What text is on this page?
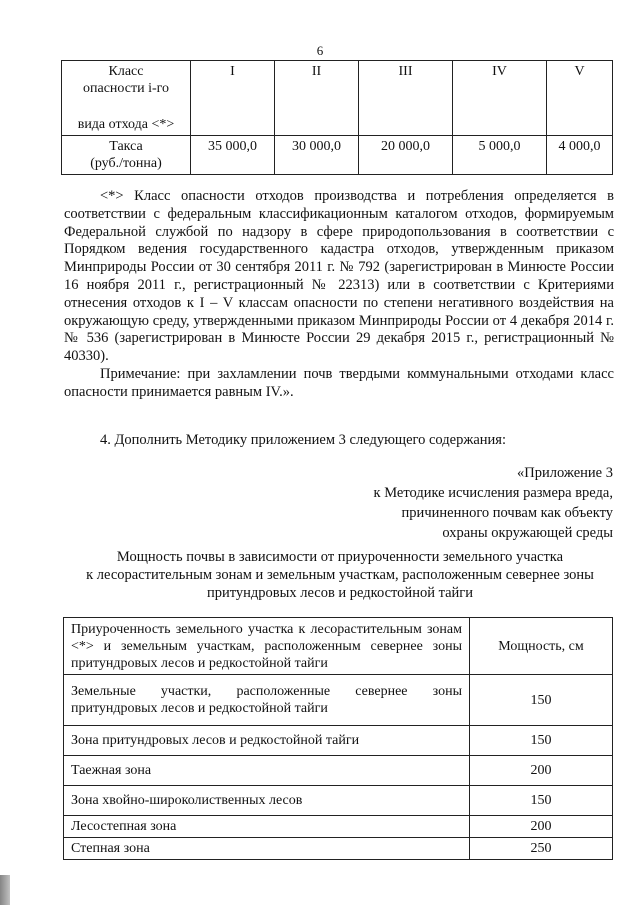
6
Класс
опасности i-го
вида отхода <*>	I	II	III	IV	V

Такса
(руб./тонна)	35 000,0	30 000,0	20 000,0	5 000,0	4 000,0

<*> Класс опасности отходов производства и потребления определяется в соответствии с федеральным классификационным каталогом отходов, формируемым Федеральной службой по надзору в сфере природопользования в соответствии с Порядком ведения государственного кадастра отходов, утвержденным приказом Минприроды России от 30 сентября 2011 г. № 792 (зарегистрирован в Минюсте России 16 ноября 2011 г., регистрационный № 22313) или в соответствии с Критериями отнесения отходов к I – V классам опасности по степени негативного воздействия на окружающую среду, утвержденными приказом Минприроды России от 4 декабря 2014 г. № 536 (зарегистрирован в Минюсте России 29 декабря 2015 г., регистрационный № 40330).

Примечание: при захламлении почв твердыми коммунальными отходами класс опасности принимается равным IV.».

4. Дополнить Методику приложением 3 следующего содержания:

«Приложение 3
к Методике исчисления размера вреда,
причиненного почвам как объекту
охраны окружающей среды
Мощность почвы в зависимости от приуроченности земельного участка
к лесорастительным зонам и земельным участкам, расположенным севернее зоны
притундровых лесов и редкостойной тайги
Приуроченность земельного участка к лесорастительным зонам <*> и земельным участкам, расположенным севернее зоны притундровых лесов и редкостойной тайги	Мощность, см
Земельные участки, расположенные севернее зоны притундровых лесов и редкостойной тайги	150
Зона притундровых лесов и редкостойной тайги	150
Таежная зона	200
Зона хвойно-широколиственных лесов	150
Лесостепная зона	200
Степная зона	250
